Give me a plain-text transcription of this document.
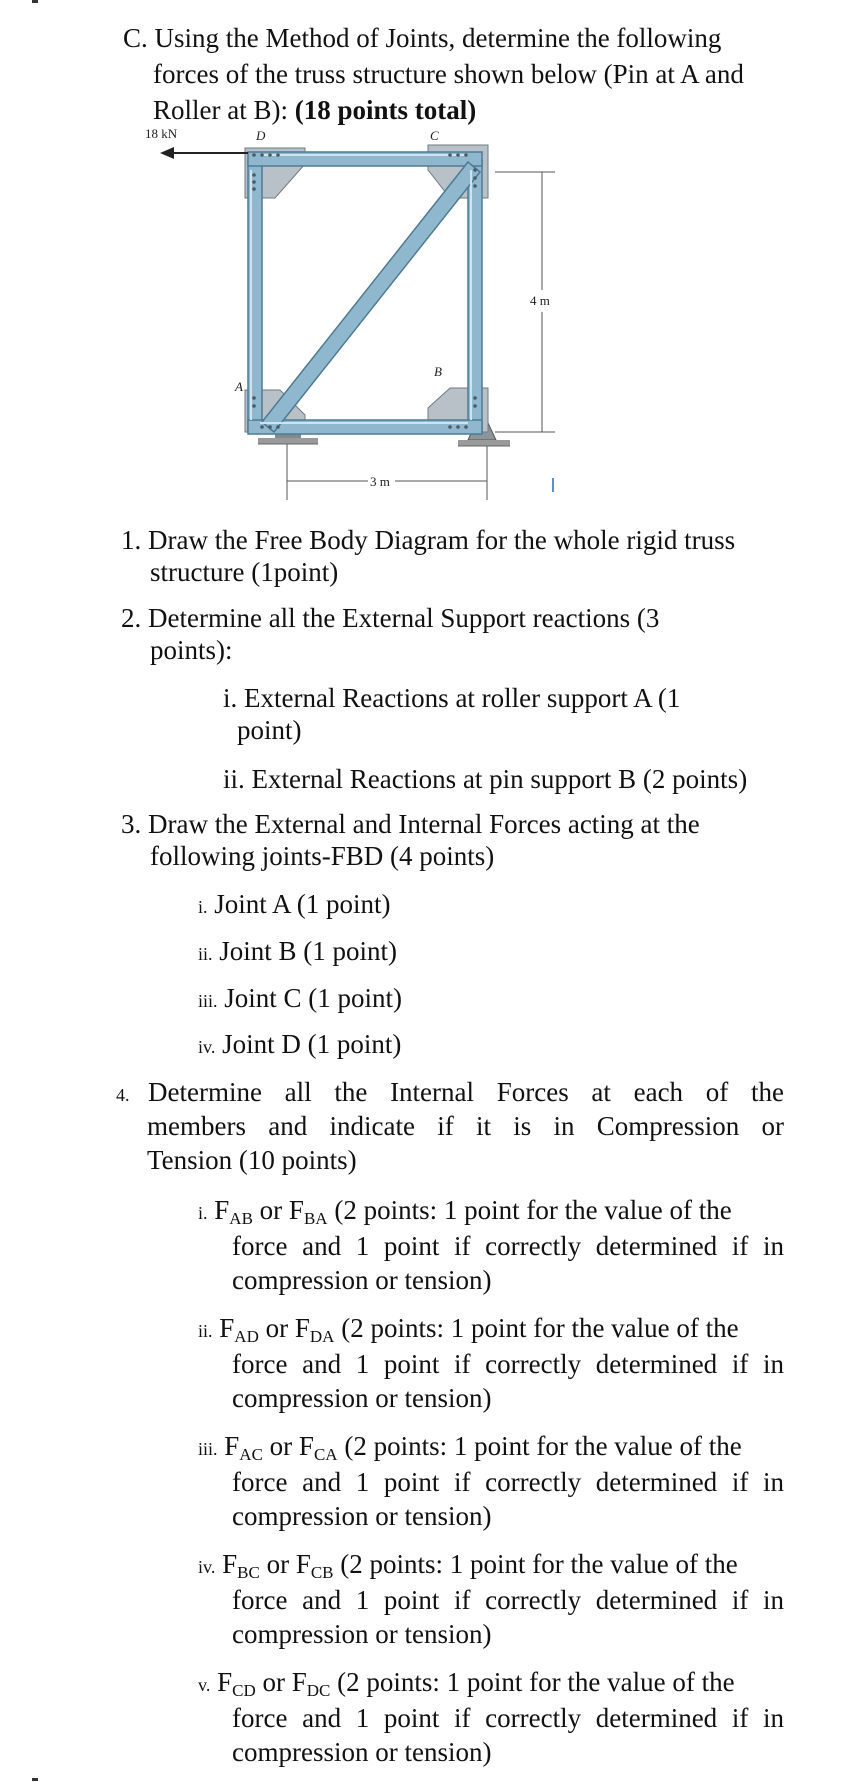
C. Using the Method of Joints, determine the following
forces of the truss structure shown below (Pin at A and
Roller at B): (18 points total)
4 m
3 m
18 kN	D	C
A
B
1. Draw the Free Body Diagram for the whole rigid truss
structure (1point)
2. Determine all the External Support reactions (3
points):
i. External Reactions at roller support A (1
point)
ii. External Reactions at pin support B (2 points)
3. Draw the External and Internal Forces acting at the
following joints-FBD (4 points)
i. Joint A (1 point)
ii. Joint B (1 point)
iii. Joint C (1 point)
iv. Joint D (1 point)
4. Determine all the Internal Forces at each of the
members and indicate if it is in Compression or
Tension (10 points)
i. $F_{AB}$ or $F_{BA}$ (2 points: 1 point for the value of the
force and 1 point if correctly determined if in
compression or tension)
ii. $F_{AD}$ or $F_{DA}$ (2 points: 1 point for the value of the
force and 1 point if correctly determined if in
compression or tension)
iii. $F_{AC}$ or $F_{CA}$ (2 points: 1 point for the value of the
force and 1 point if correctly determined if in
compression or tension)
iv. $F_{BC}$ or $F_{CB}$ (2 points: 1 point for the value of the
force and 1 point if correctly determined if in
compression or tension)
v. $F_{CD}$ or $F_{DC}$ (2 points: 1 point for the value of the
force and 1 point if correctly determined if in
compression or tension)
